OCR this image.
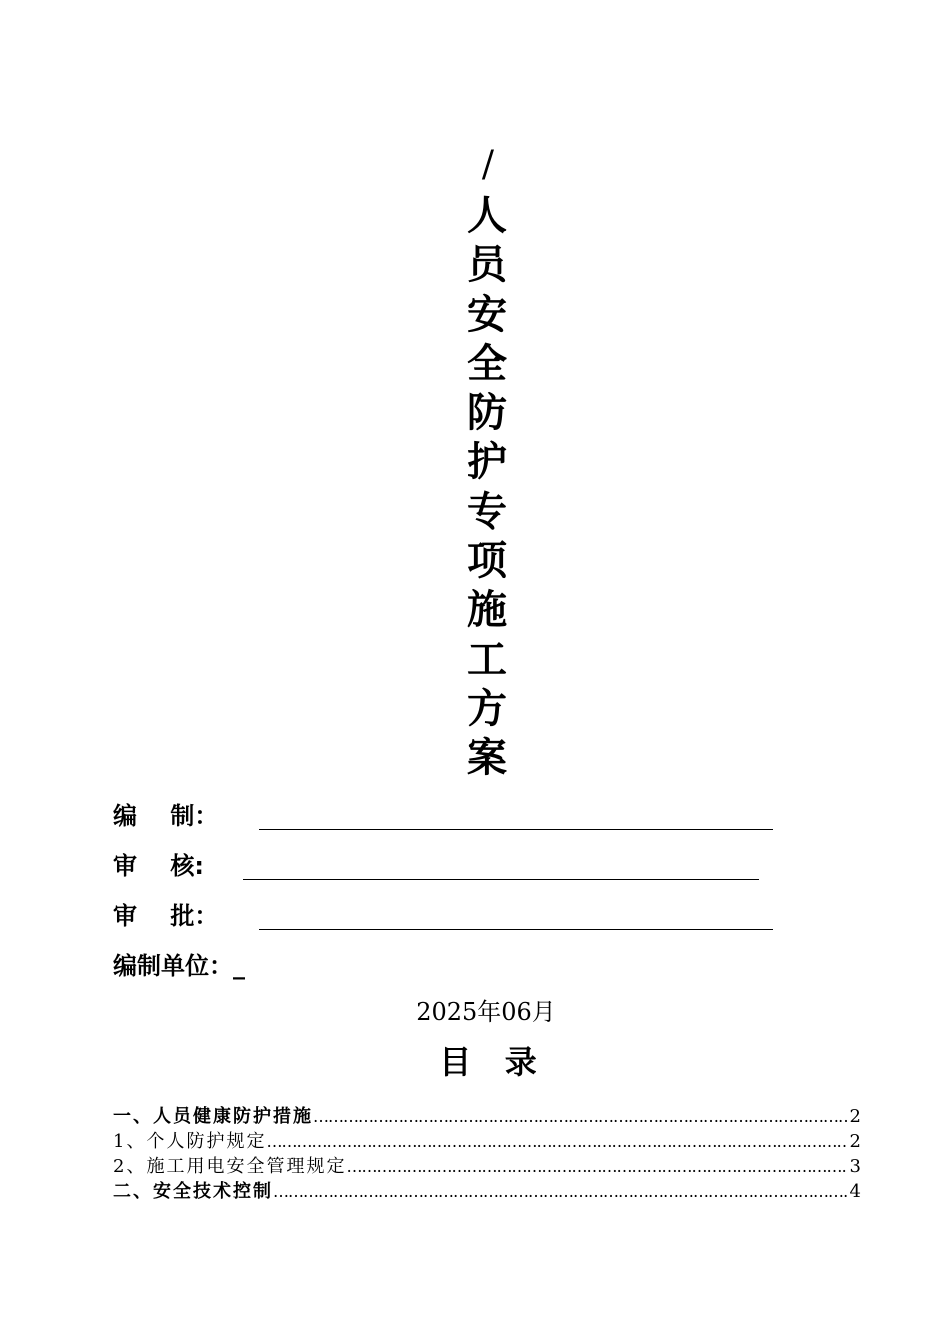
/
人
员
安
全
防
护
专
项
施
工
方
案
编    制：
审    核:
审    批：
编制单位：_
2025年06月
目   录
一、人员健康防护措施 …………………………………………………………………………………………………………………………………………	2
1、个人防护规定 …………………………………………………………………………………………………………………………………………	2
2、施工用电安全管理规定 …………………………………………………………………………………………………………………………………………	3
二、安全技术控制 …………………………………………………………………………………………………………………………………………	4
